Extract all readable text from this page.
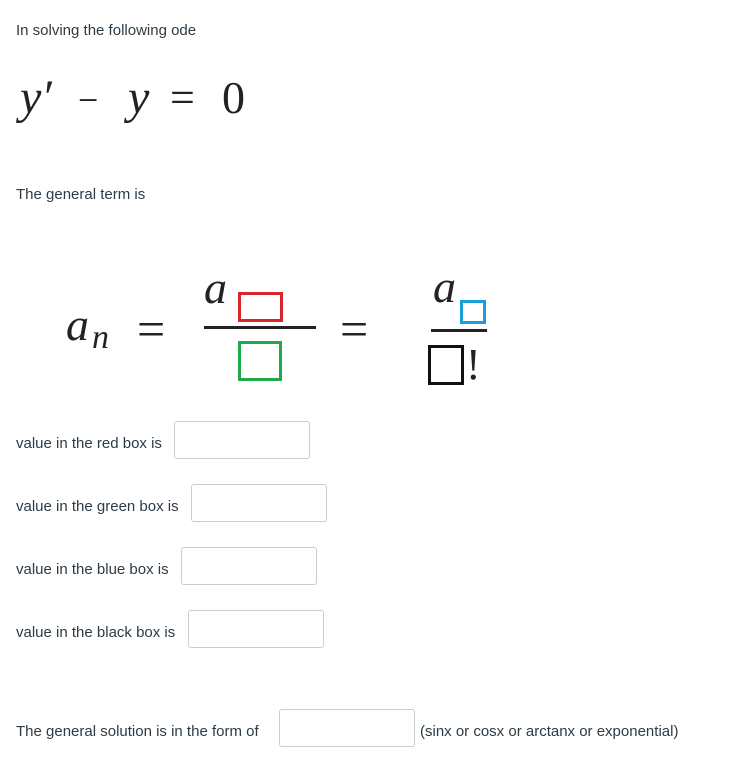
In solving the following ode
y′ − y = 0
The general term is
a n =
a
=
a
!
value in the red box is
value in the green box is
value in the blue box is
value in the black box is
The general solution is in the form of	(sinx or cosx or arctanx or exponential)
